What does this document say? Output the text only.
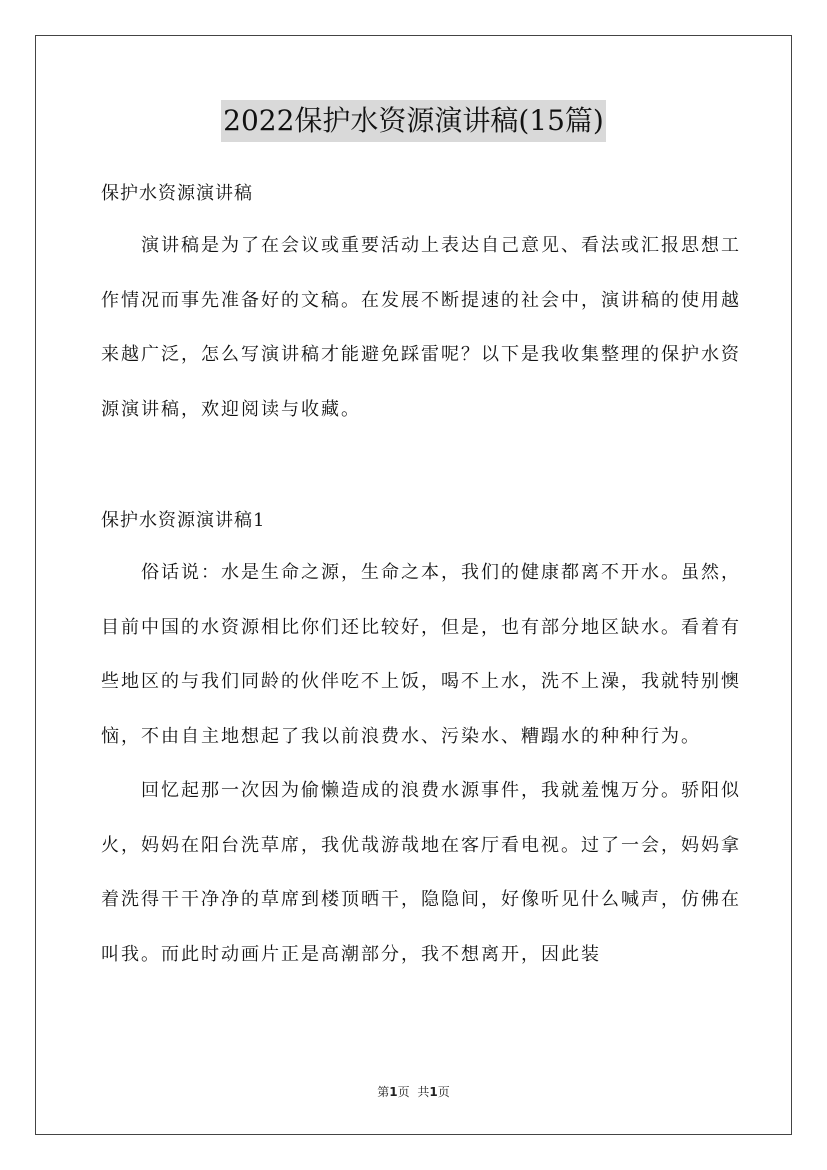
2022保护水资源演讲稿(15篇)

保护水资源演讲稿

演讲稿是为了在会议或重要活动上表达自己意见、看法或汇报思想工作情况而事先准备好的文稿。在发展不断提速的社会中，演讲稿的使用越来越广泛，怎么写演讲稿才能避免踩雷呢？以下是我收集整理的保护水资源演讲稿，欢迎阅读与收藏。

保护水资源演讲稿1

俗话说：水是生命之源，生命之本，我们的健康都离不开水。虽然，目前中国的水资源相比你们还比较好，但是，也有部分地区缺水。看着有些地区的与我们同龄的伙伴吃不上饭，喝不上水，洗不上澡，我就特别懊恼，不由自主地想起了我以前浪费水、污染水、糟蹋水的种种行为。

回忆起那一次因为偷懒造成的浪费水源事件，我就羞愧万分。骄阳似火，妈妈在阳台洗草席，我优哉游哉地在客厅看电视。过了一会，妈妈拿着洗得干干净净的草席到楼顶晒干，隐隐间，好像听见什么喊声，仿佛在叫我。而此时动画片正是高潮部分，我不想离开，因此装

第1页 共1页
